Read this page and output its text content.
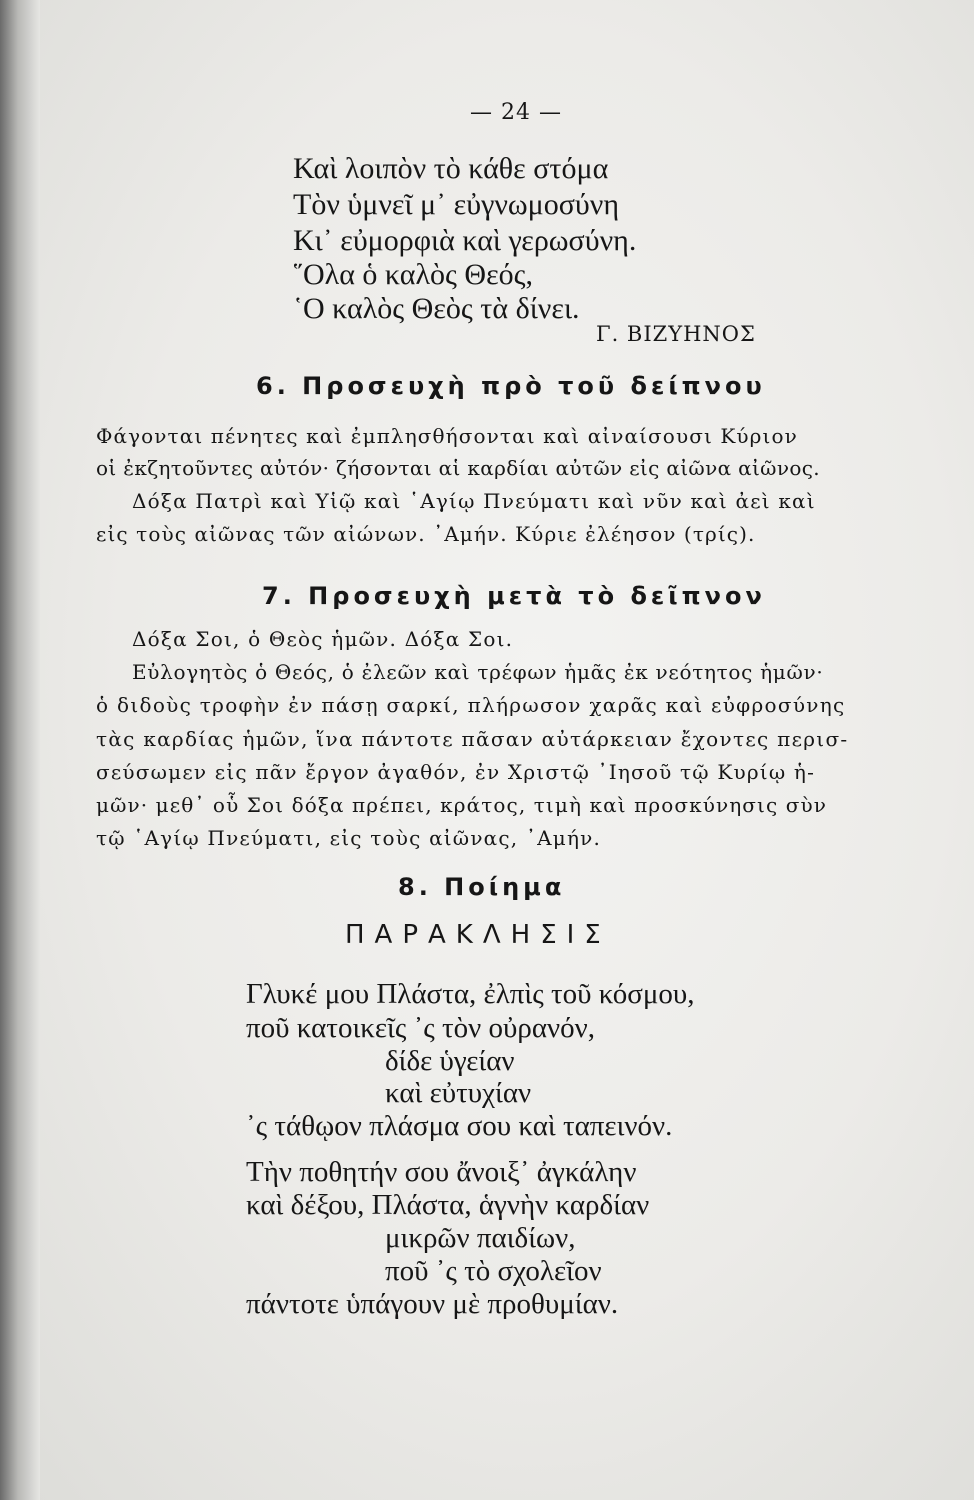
— 24 —
Καὶ λοιπὸν τὸ κάθε στόμα
Τὸν ὑμνεῖ μ᾽ εὐγνωμοσύνη
Κι᾽ εὐμορφιὰ καὶ γερωσύνη.
῞Ολα ὁ καλὸς Θεός,
῾Ο καλὸς Θεὸς τὰ δίνει.
Γ. ΒΙΖΥΗΝΟΣ
6. Προσευχὴ πρὸ τοῦ δείπνου
Φάγονται πένητες καὶ ἐμπλησθήσονται καὶ αἰναίσουσι Κύριον
οἱ ἐκζητοῦντες αὐτόν· ζήσονται αἱ καρδίαι αὐτῶν εἰς αἰῶνα αἰῶνος.
Δόξα Πατρὶ καὶ Υἱῷ καὶ ῾Αγίῳ Πνεύματι καὶ νῦν καὶ ἀεὶ καὶ
εἰς τοὺς αἰῶνας τῶν αἰώνων. ᾿Αμήν. Κύριε ἐλέησον (τρίς).
7. Προσευχὴ μετὰ τὸ δεῖπνον
Δόξα Σοι, ὁ Θεὸς ἡμῶν. Δόξα Σοι.
Εὐλογητὸς ὁ Θεός, ὁ ἐλεῶν καὶ τρέφων ἡμᾶς ἐκ νεότητος ἡμῶν·
ὁ διδοὺς τροφὴν ἐν πάσῃ σαρκί, πλήρωσον χαρᾶς καὶ εὐφροσύνης
τὰς καρδίας ἡμῶν, ἵνα πάντοτε πᾶσαν αὐτάρκειαν ἔχοντες περισ-
σεύσωμεν εἰς πᾶν ἔργον ἀγαθόν, ἐν Χριστῷ ᾿Ιησοῦ τῷ Κυρίῳ ἡ-
μῶν· μεθ᾽ οὗ Σοι δόξα πρέπει, κράτος, τιμὴ καὶ προσκύνησις σὺν
τῷ ῾Αγίῳ Πνεύματι, εἰς τοὺς αἰῶνας, ᾿Αμήν.
8. Ποίημα
ΠΑΡΑΚΛΗΣΙΣ
Γλυκέ μου Πλάστα, ἐλπὶς τοῦ κόσμου,
ποῦ κατοικεῖς ᾽ς τὸν οὐρανόν,
δίδε ὑγείαν
καὶ εὐτυχίαν
᾽ς τάθῳον πλάσμα σου καὶ ταπεινόν.
Τὴν ποθητήν σου ἄνοιξ᾽ ἀγκάλην
καὶ δέξου, Πλάστα, ἁγνὴν καρδίαν
μικρῶν παιδίων,
ποῦ ᾽ς τὸ σχολεῖον
πάντοτε ὑπάγουν μὲ προθυμίαν.
